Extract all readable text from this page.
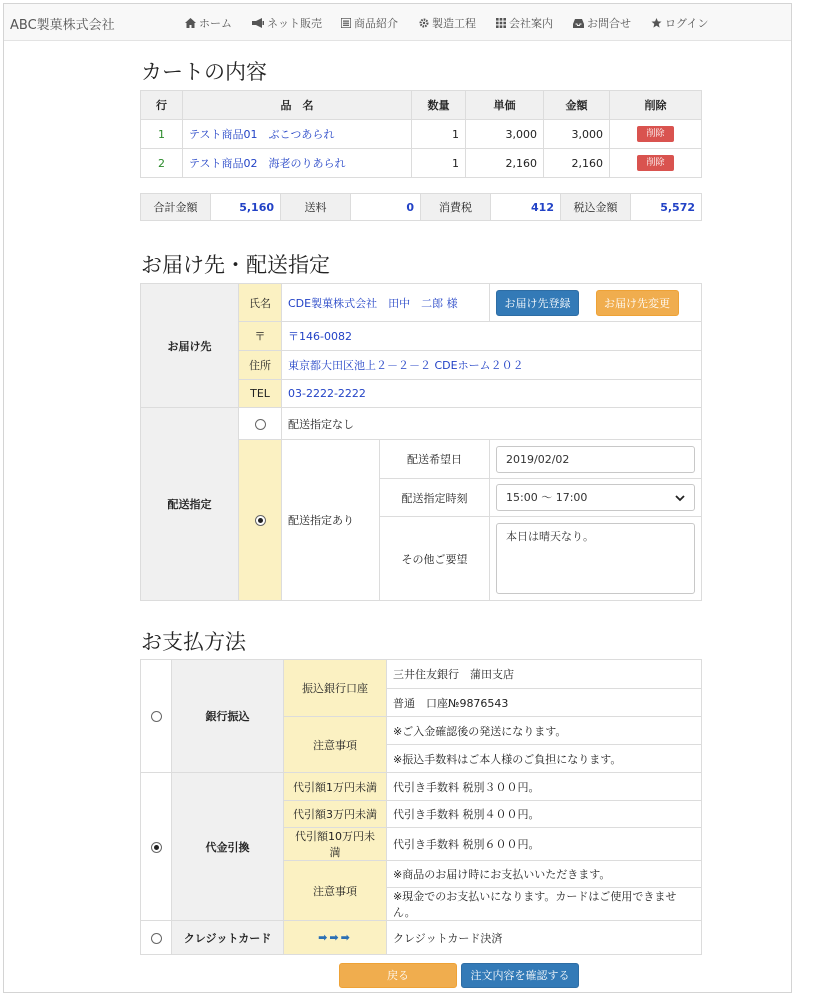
ABC製菓株式会社	ホーム	ネット販売	商品紹介	製造工程	会社案内	お問合せ	ログイン
カートの内容
行	品　名	数量	単価	金額	削除
1	テスト商品01　ぶこつあられ	1	3,000	3,000	削除
2	テスト商品02　海老のりあられ	1	2,160	2,160	削除
合計金額	5,160	送料	0	消費税	412	税込金額	5,572
お届け先・配送指定
お届け先	氏名	CDE製菓株式会社　田中　二郎 様		お届け先登録 お届け先変更
	〒	〒146-0082		
	住所	東京都大田区池上２－２－２ CDEホーム２０２		
	TEL	03-2222-2222		
配送指定		配送指定なし		
		配送指定あり	配送希望日	2019/02/02

			配送指定時刻	15:00 ～ 17:00

			その他ご要望	本日は晴天なり。
お支払方法
	銀行振込	振込銀行口座	三井住友銀行　蒲田支店
			普通　口座№9876543
		注意事項	※ご入金確認後の発送になります。
			※振込手数料はご本人様のご負担になります。
	代金引換	代引額1万円未満	代引き手数料 税別３００円。
		代引額3万円未満	代引き手数料 税別４００円。
		代引額10万円未満	代引き手数料 税別６００円。
		注意事項	※商品のお届け時にお支払いいただきます。
			※現金でのお支払いになります。カードはご使用できません。
	クレジットカード	➡➡➡	クレジットカード決済
戻る	注文内容を確認する
